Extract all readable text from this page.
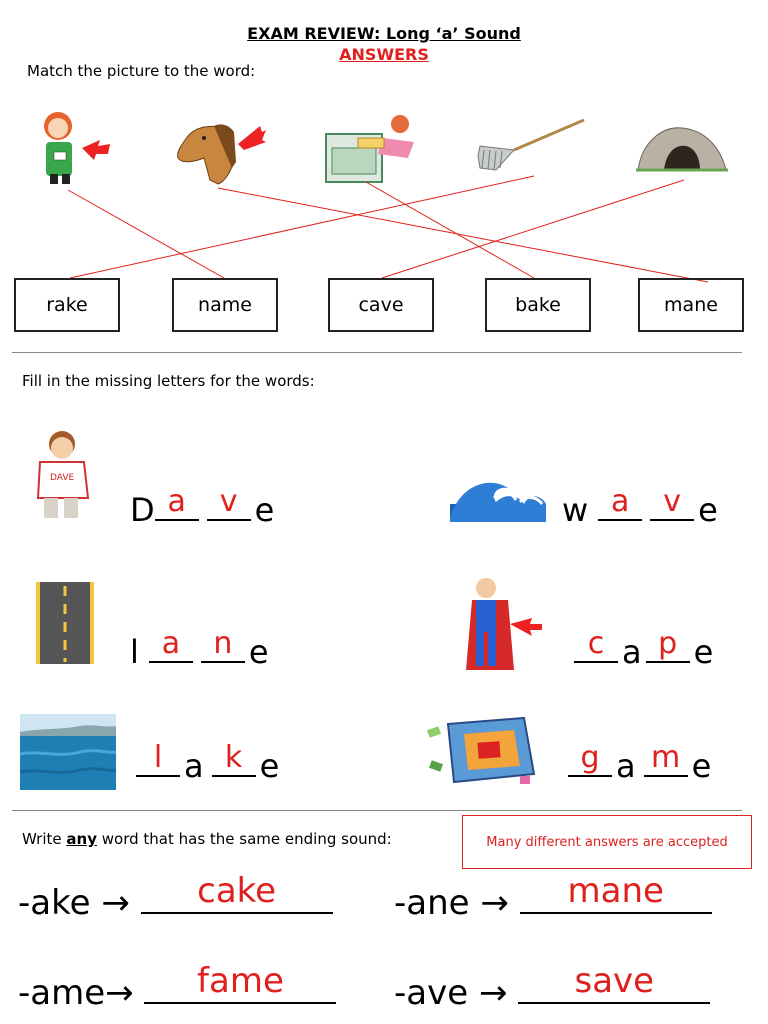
EXAM REVIEW: Long ‘a’ Sound
ANSWERS
Match the picture to the word:
rake	name	cave	bake	mane
Fill in the missing letters for the words:
DAVE
D a	v e	w a	v e
l a	n e	c a p e
l a k e	g a m e
Write any word that has the same ending sound:	Many different answers are accepted
-ake →	cake	-ane →	mane
-ame→	fame	-ave →	save
